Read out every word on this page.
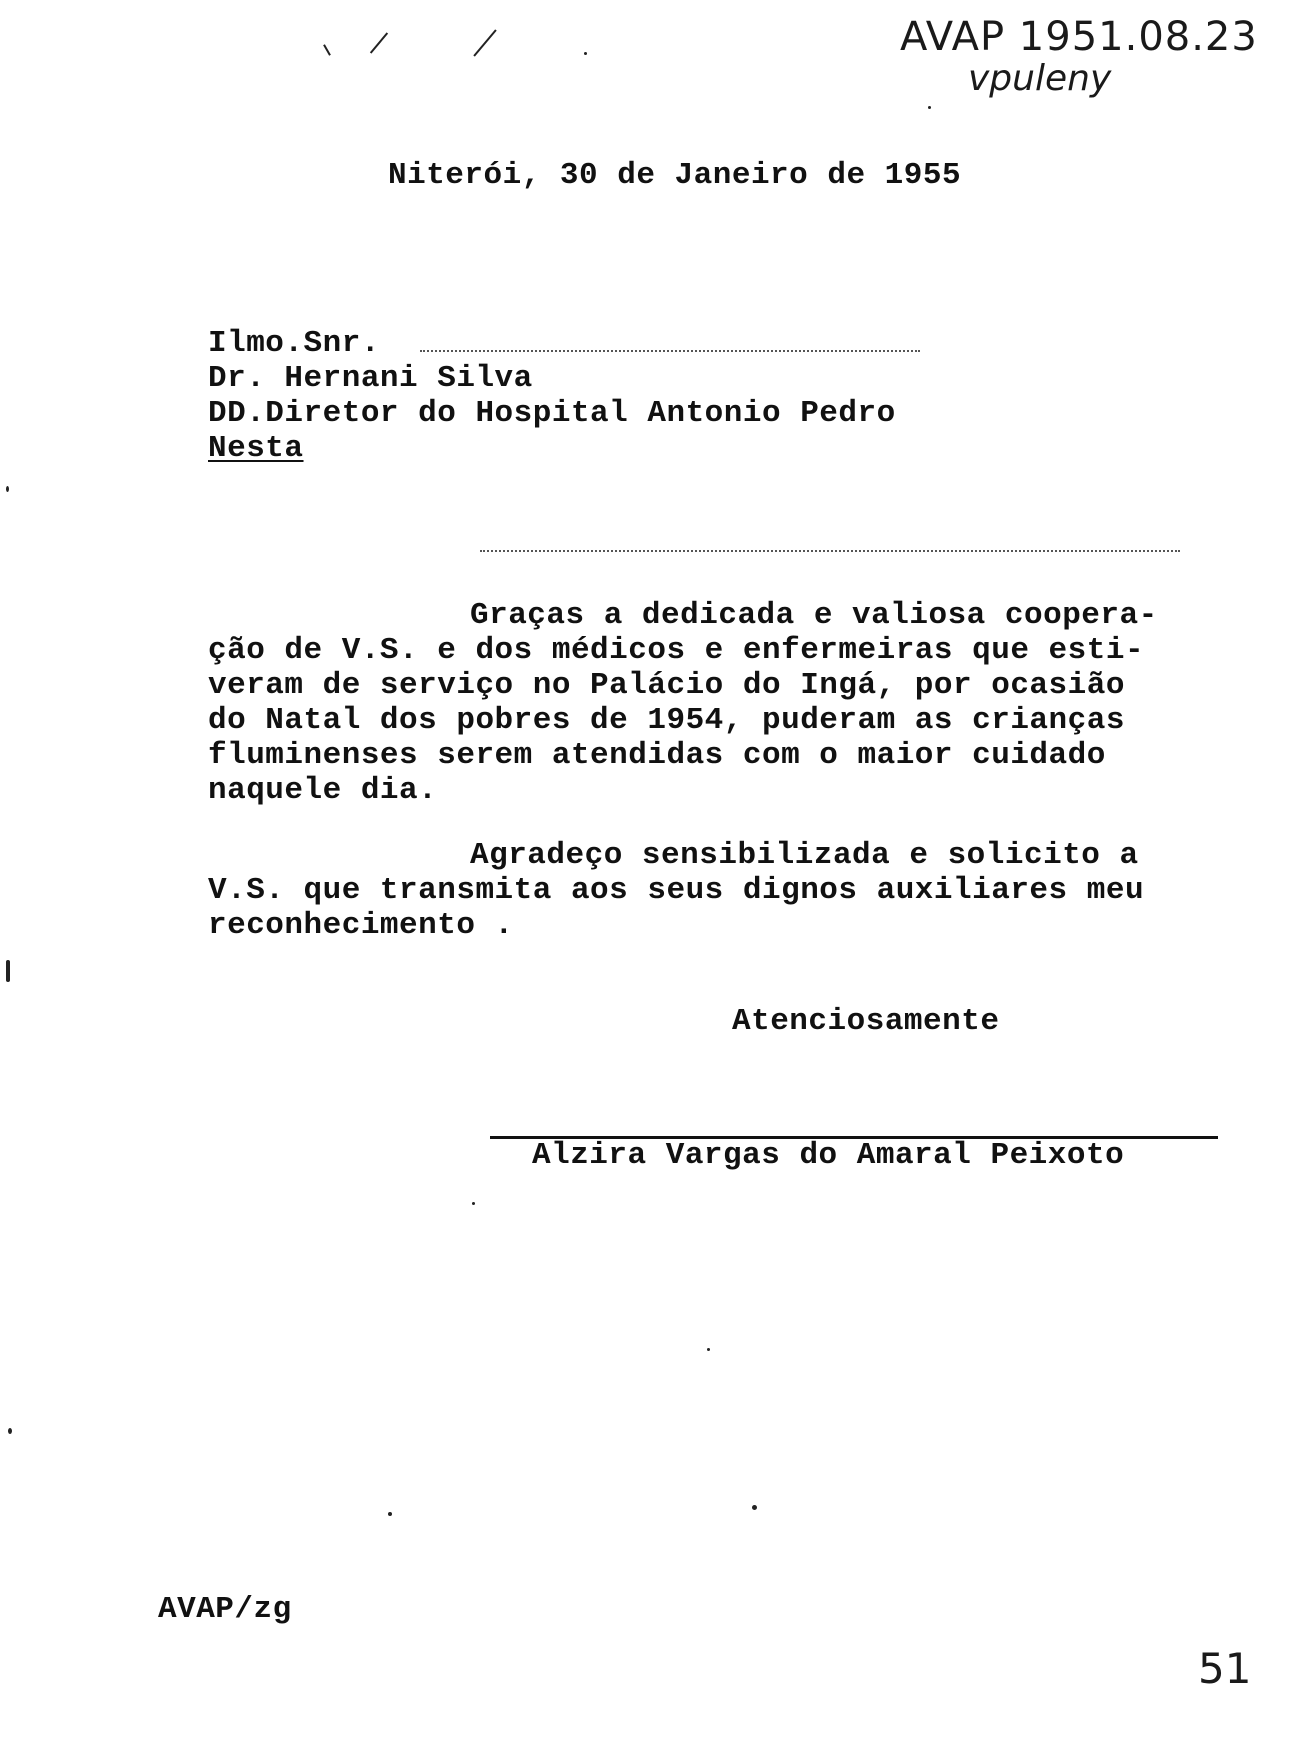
AVAP 1951.08.23
vpuleny
Niterói, 30 de Janeiro de 1955
Ilmo.Snr.
Dr. Hernani Silva
DD.Diretor do Hospital Antonio Pedro
Nesta
Graças a dedicada e valiosa coopera-
ção de V.S. e dos médicos e enfermeiras que esti-
veram de serviço no Palácio do Ingá, por ocasião
do Natal dos pobres de 1954, puderam as crianças
fluminenses serem atendidas com o maior cuidado
naquele dia.
Agradeço sensibilizada e solicito a
V.S. que transmita aos seus dignos auxiliares meu
reconhecimento .
Atenciosamente
Alzira Vargas do Amaral Peixoto
AVAP/zg
51
